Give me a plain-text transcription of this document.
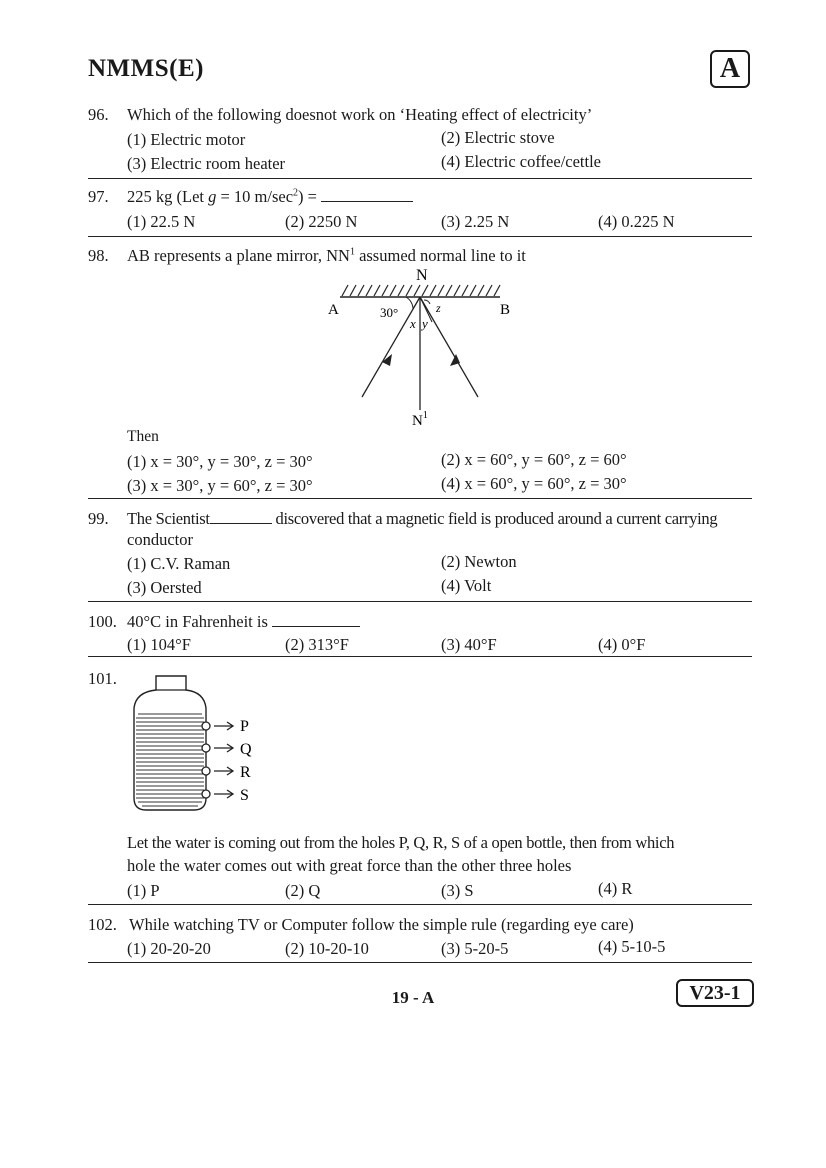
NMMS(E)	A
96. Which of the following doesnot work on ‘Heating effect of electricity’
(1) Electric motor	(2) Electric stove
(3) Electric room heater	(4) Electric coffee/cettle
97. 225 kg (Let g = 10 $m/\sec^2$) =
(1) 22.5 N	(2) 2250 N	(3) 2.25 N	(4) 0.225 N
98. AB represents a plane mirror, $NN^1$ assumed normal line to it
N
A	B
30°	z
x y
$N^1$
Then
(1) x = 30°, y = 30°, z = 30°	(2) x = 60°, y = 60°, z = 60°
(3) x = 30°, y = 60°, z = 30°	(4) x = 60°, y = 60°, z = 30°
99. The Scientist	discovered that a magnetic field is produced around a current carrying
conductor
(1) C.V. Raman	(2) Newton
(3) Oersted	(4) Volt
100. 40°C in Fahrenheit is
(1) 104°F	(2) 313°F	(3) 40°F	(4) 0°F
101.
P
Q
R
S
Let the water is coming out from the holes P, Q, R, S of a open bottle, then from which
hole the water comes out with great force than the other three holes
(1) P	(2) Q	(3) S	(4) R
102. While watching TV or Computer follow the simple rule (regarding eye care)
(1) 20-20-20	(2) 10-20-10	(3) 5-20-5	(4) 5-10-5
19 - A	V23-1
